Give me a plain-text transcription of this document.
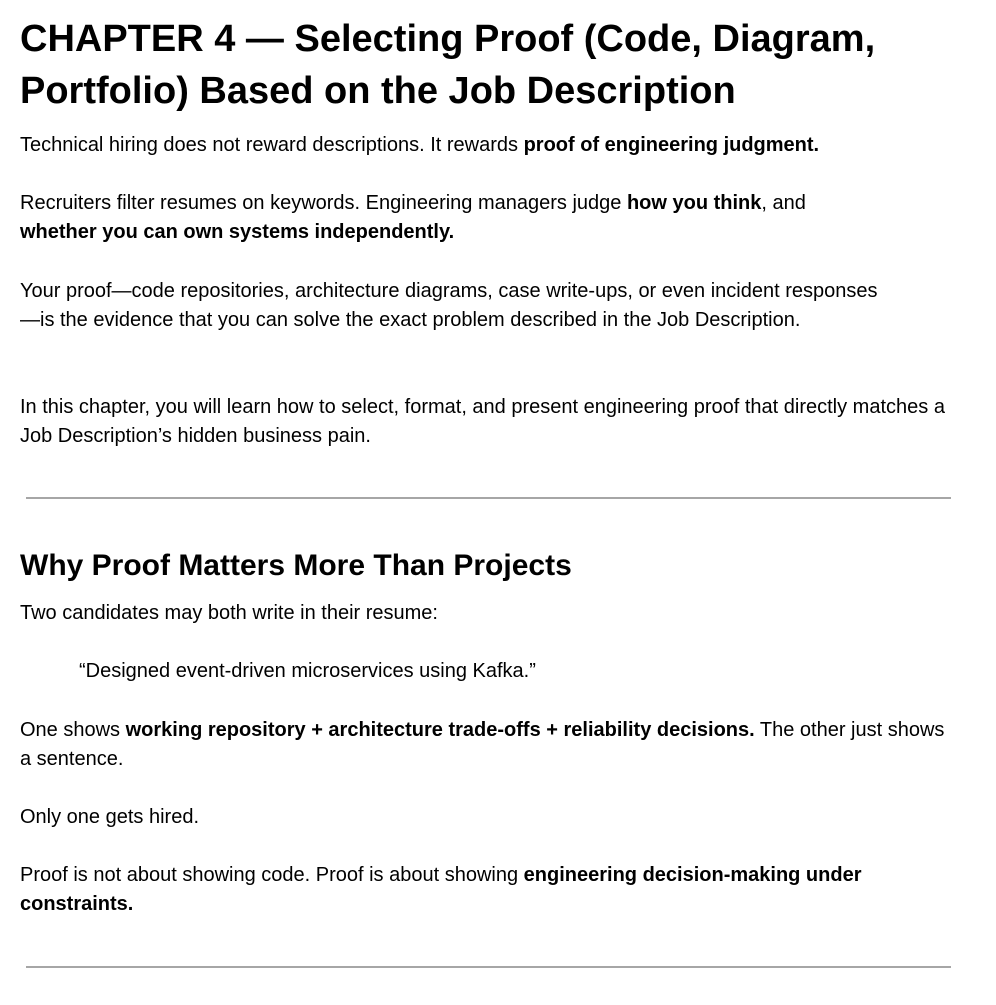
CHAPTER 4 — Selecting Proof (Code, Diagram, Portfolio) Based on the Job Description

Technical hiring does not reward descriptions. It rewards proof of engineering judgment.

Recruiters filter resumes on keywords. Engineering managers judge how you think, and
whether you can own systems independently.

Your proof—code repositories, architecture diagrams, case write-ups, or even incident responses—is the evidence that you can solve the exact problem described in the Job Description.

In this chapter, you will learn how to select, format, and present engineering proof that directly matches a Job Description’s hidden business pain.

Why Proof Matters More Than Projects

Two candidates may both write in their resume:

“Designed event-driven microservices using Kafka.”

One shows working repository + architecture trade-offs + reliability decisions. The other just shows a sentence.

Only one gets hired.

Proof is not about showing code. Proof is about showing engineering decision-making under constraints.
